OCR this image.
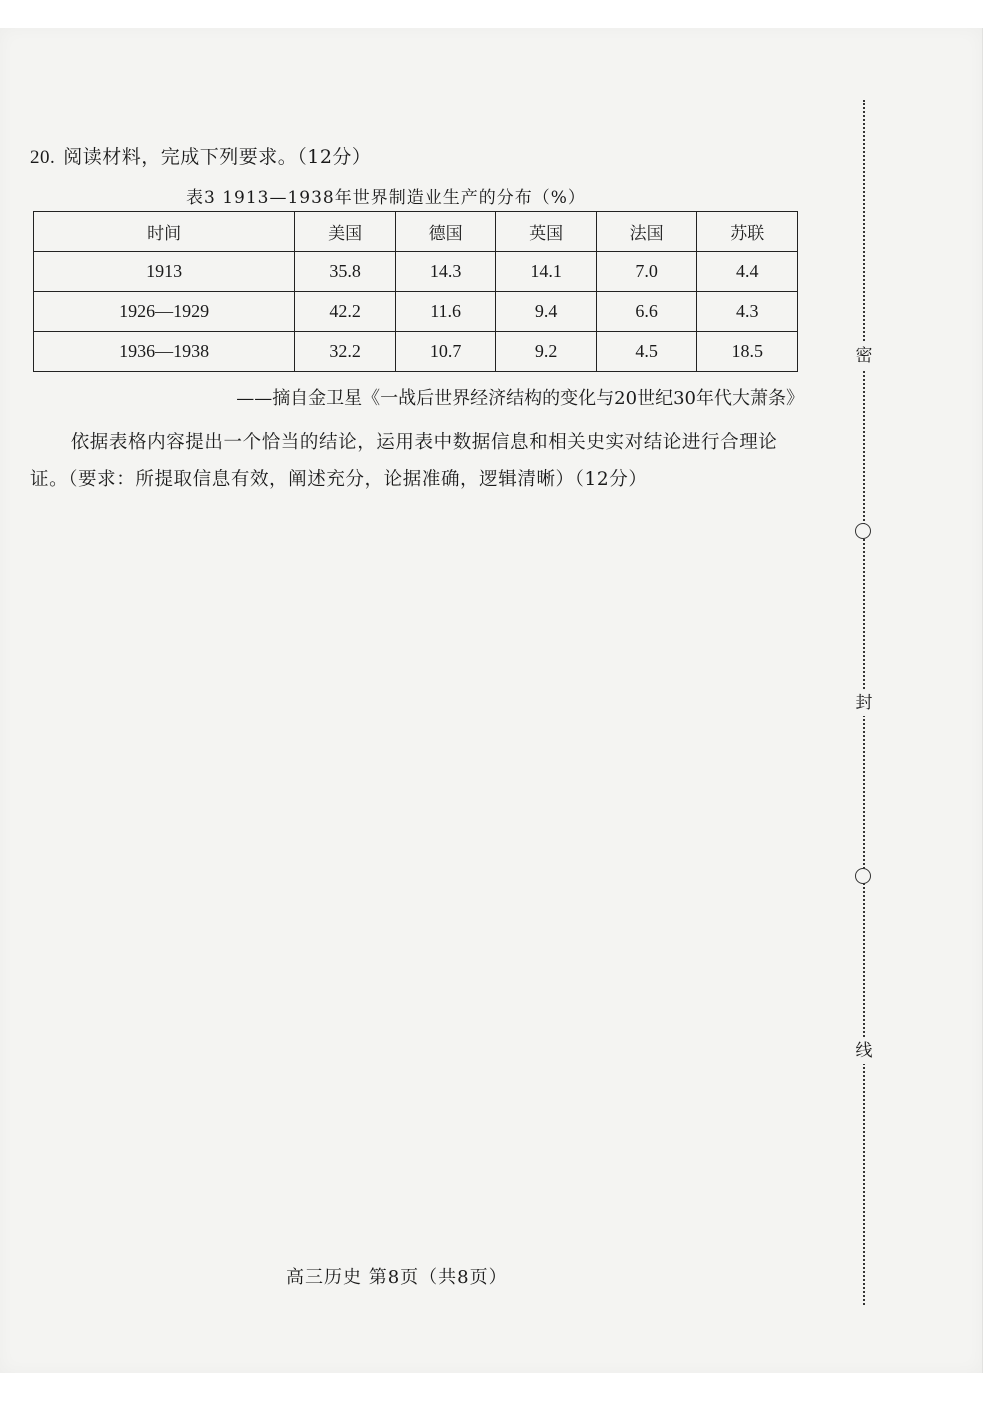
20. 阅读材料，完成下列要求。（12分）
表3 1913—1938年世界制造业生产的分布（%）
时间	美国	德国	英国	法国	苏联
1913	35.8	14.3	14.1	7.0	4.4
1926—1929	42.2	11.6	9.4	6.6	4.3
1936—1938	32.2	10.7	9.2	4.5	18.5
——摘自金卫星《一战后世界经济结构的变化与20世纪30年代大萧条》
依据表格内容提出一个恰当的结论，运用表中数据信息和相关史实对结论进行合理论证。（要求：所提取信息有效，阐述充分，论据准确，逻辑清晰）（12分）
高三历史 第8页（共8页）
密
封
线
